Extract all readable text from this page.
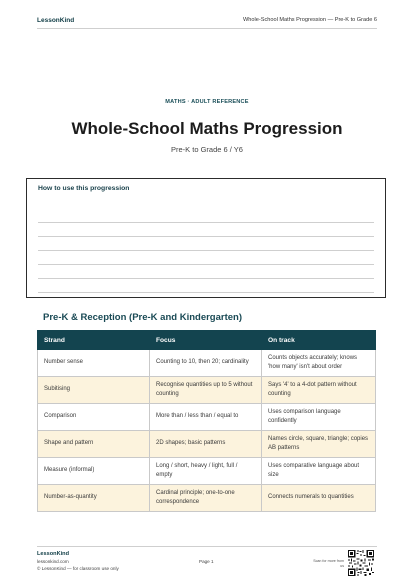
LessonKind	Whole-School Maths Progression — Pre-K to Grade 6
MATHS · ADULT REFERENCE
Whole-School Maths Progression
Pre-K to Grade 6 / Y6
How to use this progression
Pre-K & Reception (Pre-K and Kindergarten)
Strand	Focus	On track
Number sense	Counting to 10, then 20; cardinality	Counts objects accurately; knows 'how many' isn't about order
Subitising	Recognise quantities up to 5 without counting	Says '4' to a 4-dot pattern without counting
Comparison	More than / less than / equal to	Uses comparison language confidently
Shape and pattern	2D shapes; basic patterns	Names circle, square, triangle; copies AB patterns
Measure (informal)	Long / short, heavy / light, full / empty	Uses comparative language about size
Number-as-quantity	Cardinal principle; one-to-one correspondence	Connects numerals to quantities
LessonKind
lessonkind.com
© LessonKind — for classroom use only
Page 1	Scan for more from us
